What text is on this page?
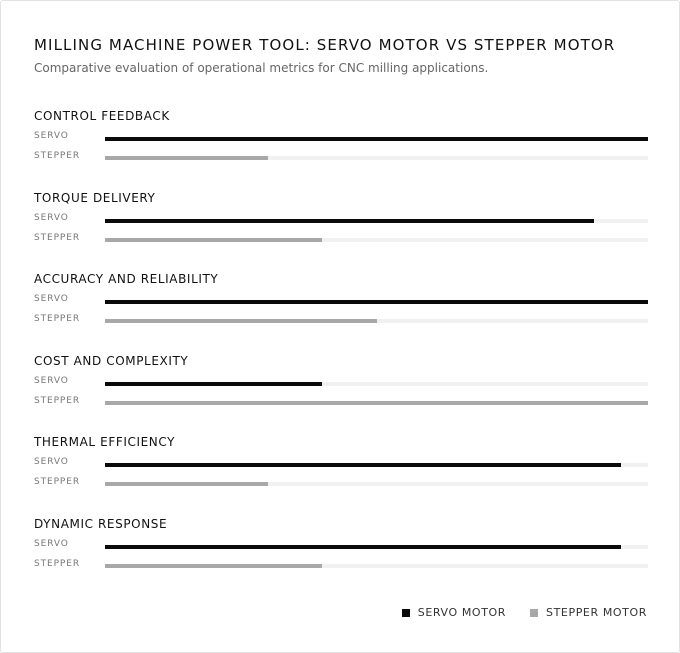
MILLING MACHINE POWER TOOL: SERVO MOTOR VS STEPPER MOTOR

Comparative evaluation of operational metrics for CNC milling applications.

CONTROL FEEDBACK
SERVO
STEPPER
TORQUE DELIVERY
SERVO
STEPPER
ACCURACY AND RELIABILITY
SERVO
STEPPER
COST AND COMPLEXITY
SERVO
STEPPER
THERMAL EFFICIENCY
SERVO
STEPPER
DYNAMIC RESPONSE
SERVO
STEPPER
SERVO MOTOR	STEPPER MOTOR
